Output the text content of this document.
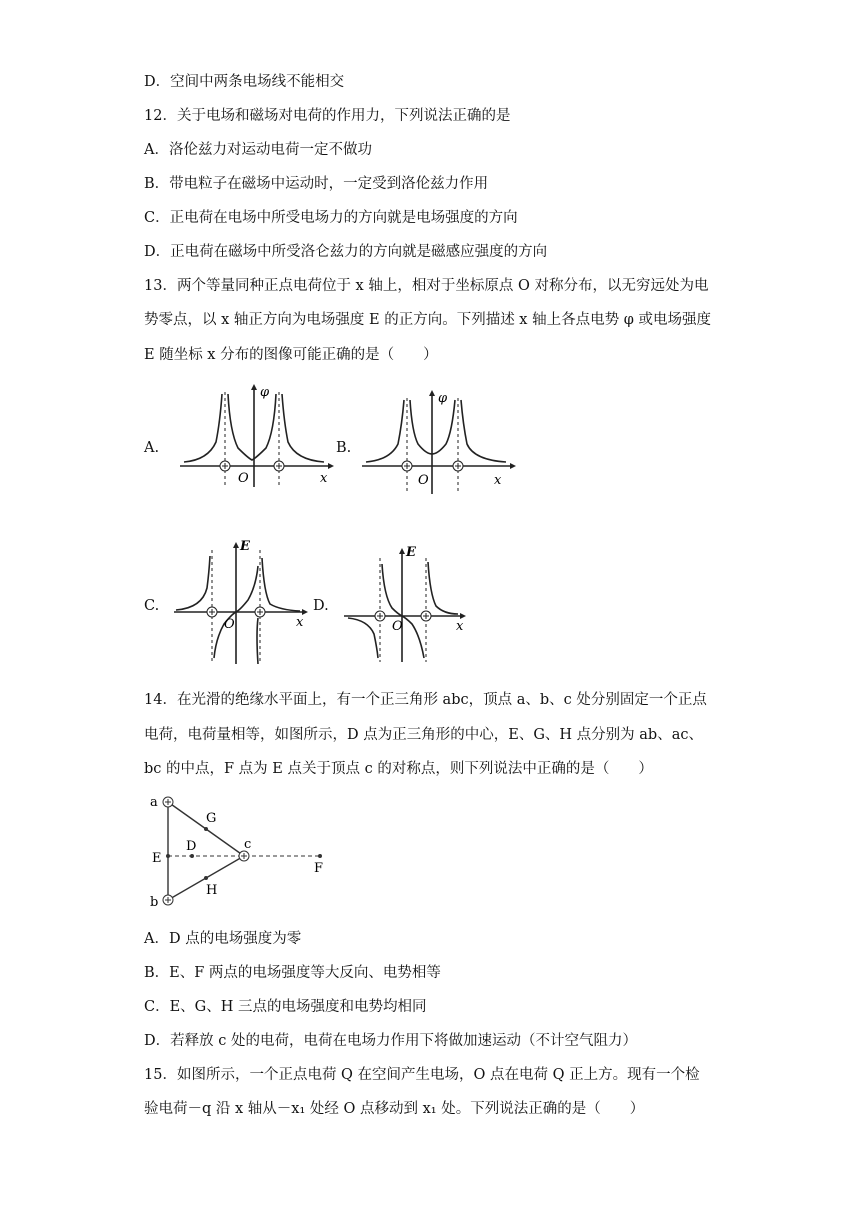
D．空间中两条电场线不能相交
12．关于电场和磁场对电荷的作用力，下列说法正确的是
A．洛伦兹力对运动电荷一定不做功
B．带电粒子在磁场中运动时，一定受到洛伦兹力作用
C．正电荷在电场中所受电场力的方向就是电场强度的方向
D．正电荷在磁场中所受洛仑兹力的方向就是磁感应强度的方向
13．两个等量同种正点电荷位于 x 轴上，相对于坐标原点 O 对称分布，以无穷远处为电
势零点，以 x 轴正方向为电场强度 E 的正方向。下列描述 x 轴上各点电势 φ 或电场强度
E 随坐标 x 分布的图像可能正确的是（　　）
A.	B.
C.	D.
φ
O	x
φ
O	x
E
O	x
E
O	x
14．在光滑的绝缘水平面上，有一个正三角形 abc，顶点 a、b、c 处分别固定一个正点
电荷，电荷量相等，如图所示，D 点为正三角形的中心，E、G、H 点分别为 ab、ac、
bc 的中点，F 点为 E 点关于顶点 c 的对称点，则下列说法中正确的是（　　）
a
b
c
G
H
D
E
F
A．D 点的电场强度为零
B．E、F 两点的电场强度等大反向、电势相等
C．E、G、H 三点的电场强度和电势均相同
D．若释放 c 处的电荷，电荷在电场力作用下将做加速运动（不计空气阻力）
15．如图所示，一个正点电荷 Q 在空间产生电场，O 点在电荷 Q 正上方。现有一个检
验电荷－q 沿 x 轴从－x₁ 处经 O 点移动到 x₁ 处。下列说法正确的是（　　）
